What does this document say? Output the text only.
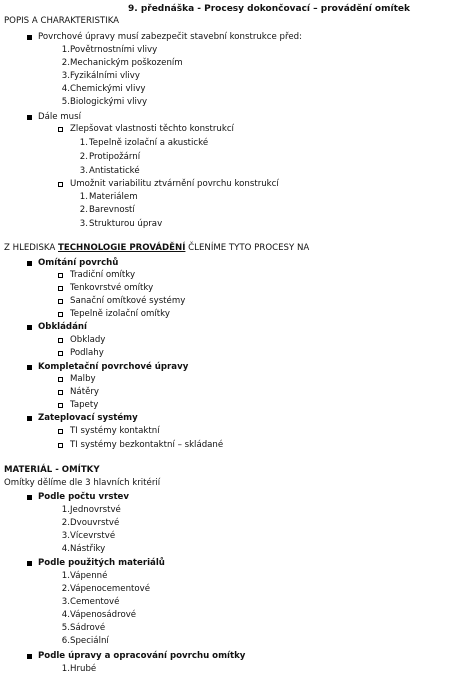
9. přednáška - Procesy dokončovací – provádění omítek
POPIS A CHARAKTERISTIKA
Povrchové úpravy musí zabezpečit stavební konstrukce před:
1. Povětrnostními vlivy
2. Mechanickým poškozením
3. Fyzikálními vlivy
4. Chemickými vlivy
5. Biologickými vlivy
Dále musí
Zlepšovat vlastnosti těchto konstrukcí
1. Tepelně izolační a akustické
2. Protipožární
3. Antistatické
Umožnit variabilitu ztvárnění povrchu konstrukcí
1. Materiálem
2. Barevností
3. Strukturou úprav
Z HLEDISKA TECHNOLOGIE PROVÁDĚNÍ ČLENÍME TYTO PROCESY NA
Omítání povrchů
Tradiční omítky
Tenkovrstvé omítky
Sanační omítkové systémy
Tepelně izolační omítky
Obkládání
Obklady
Podlahy
Kompletační povrchové úpravy
Malby
Nátěry
Tapety
Zateplovací systémy
TI systémy kontaktní
TI systémy bezkontaktní – skládané
MATERIÁL - OMÍTKY
Omítky dělíme dle 3 hlavních kritérií
Podle počtu vrstev
1. Jednovrstvé
2. Dvouvrstvé
3. Vícevrstvé
4. Nástřiky
Podle použitých materiálů
1. Vápenné
2. Vápenocementové
3. Cementové
4. Vápenosádrové
5. Sádrové
6. Speciální
Podle úpravy a opracování povrchu omítky
1. Hrubé
